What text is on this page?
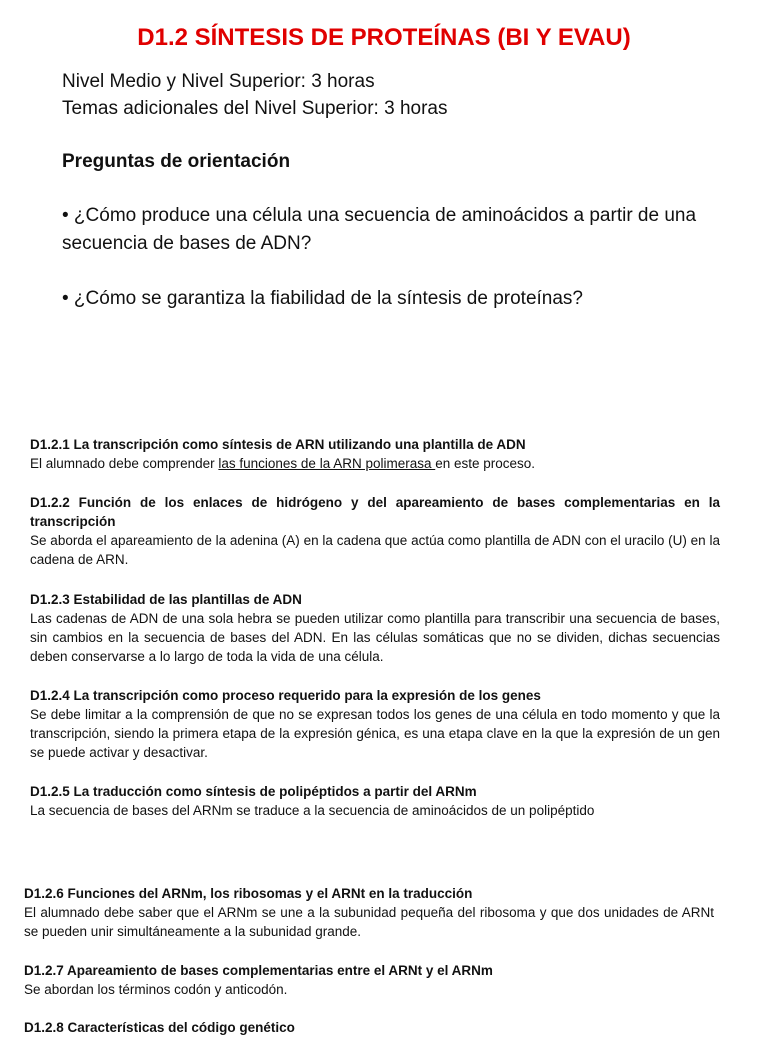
D1.2 SÍNTESIS DE PROTEÍNAS (BI Y EVAU)
Nivel Medio y Nivel Superior: 3 horas
Temas adicionales del Nivel Superior: 3 horas
Preguntas de orientación
• ¿Cómo produce una célula una secuencia de aminoácidos a partir de una secuencia de bases de ADN?
• ¿Cómo se garantiza la fiabilidad de la síntesis de proteínas?
D1.2.1 La transcripción como síntesis de ARN utilizando una plantilla de ADN
El alumnado debe comprender las funciones de la ARN polimerasa en este proceso.
D1.2.2 Función de los enlaces de hidrógeno y del apareamiento de bases complementarias en la transcripción
Se aborda el apareamiento de la adenina (A) en la cadena que actúa como plantilla de ADN con el uracilo (U) en la cadena de ARN.
D1.2.3 Estabilidad de las plantillas de ADN
Las cadenas de ADN de una sola hebra se pueden utilizar como plantilla para transcribir una secuencia de bases, sin cambios en la secuencia de bases del ADN. En las células somáticas que no se dividen, dichas secuencias deben conservarse a lo largo de toda la vida de una célula.
D1.2.4 La transcripción como proceso requerido para la expresión de los genes
Se debe limitar a la comprensión de que no se expresan todos los genes de una célula en todo momento y que la transcripción, siendo la primera etapa de la expresión génica, es una etapa clave en la que la expresión de un gen se puede activar y desactivar.
D1.2.5 La traducción como síntesis de polipéptidos a partir del ARNm
La secuencia de bases del ARNm se traduce a la secuencia de aminoácidos de un polipéptido
D1.2.6 Funciones del ARNm, los ribosomas y el ARNt en la traducción
El alumnado debe saber que el ARNm se une a la subunidad pequeña del ribosoma y que dos unidades de ARNt se pueden unir simultáneamente a la subunidad grande.
D1.2.7 Apareamiento de bases complementarias entre el ARNt y el ARNm
Se abordan los términos codón y anticodón.
D1.2.8 Características del código genético
